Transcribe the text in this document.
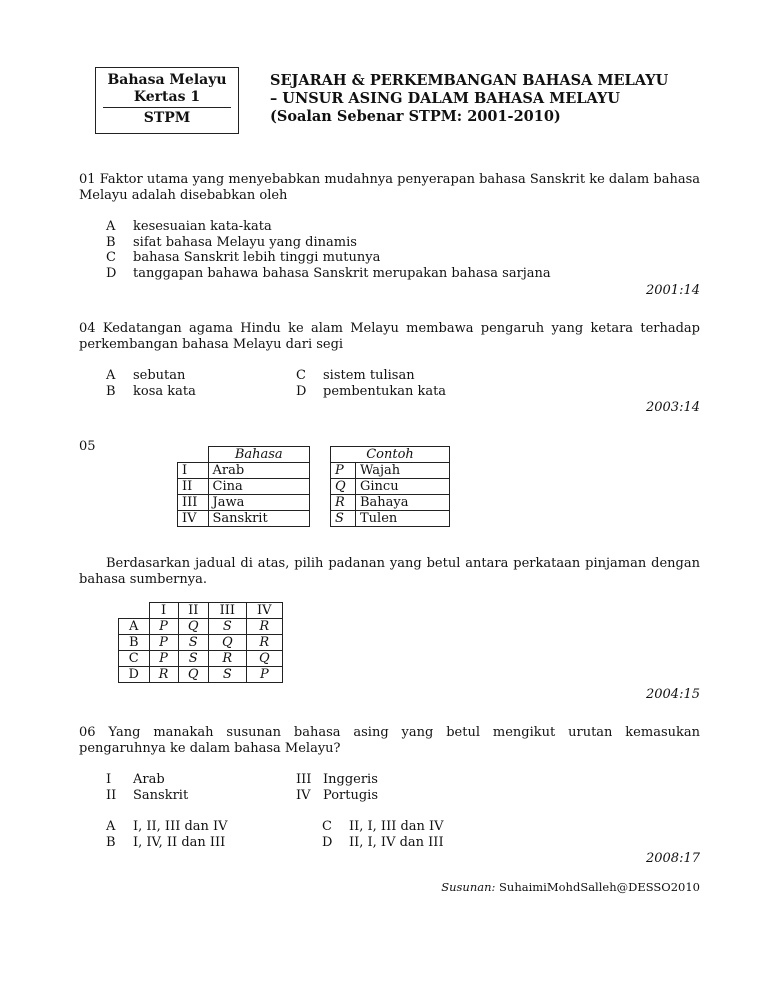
Bahasa Melayu
Kertas 1
STPM
SEJARAH & PERKEMBANGAN BAHASA MELAYU
– UNSUR ASING DALAM BAHASA MELAYU
(Soalan Sebenar STPM: 2001-2010)
01 Faktor utama yang menyebabkan mudahnya penyerapan bahasa Sanskrit ke dalam bahasa Melayu adalah disebabkan oleh
A kesesuaian kata-kata
B sifat bahasa Melayu yang dinamis
C bahasa Sanskrit lebih tinggi mutunya
D tanggapan bahawa bahasa Sanskrit merupakan bahasa sarjana
2001:14
04 Kedatangan agama Hindu ke alam Melayu membawa pengaruh yang ketara terhadap perkembangan bahasa Melayu dari segi
A sebutan
B kosa kata
C sistem tulisan
D pembentukan kata
2003:14
05
	Bahasa
I	Arab
II	Cina
III	Jawa
IV	Sanskrit
Contoh	
P	Wajah
Q	Gincu
R	Bahaya
S	Tulen
Berdasarkan jadual di atas, pilih padanan yang betul antara perkataan pinjaman dengan bahasa sumbernya.
	I	II	III	IV
A	P	Q	S	R
B	P	S	Q	R
C	P	S	R	Q
D	R	Q	S	P
2004:15
06 Yang manakah susunan bahasa asing yang betul mengikut urutan kemasukan pengaruhnya ke dalam bahasa Melayu?
I Arab
II Sanskrit
III Inggeris
IV Portugis
A I, II, III dan IV
B I, IV, II dan III
C II, I, III dan IV
D II, I, IV dan III
2008:17
Susunan: SuhaimiMohdSalleh@DESSO2010
